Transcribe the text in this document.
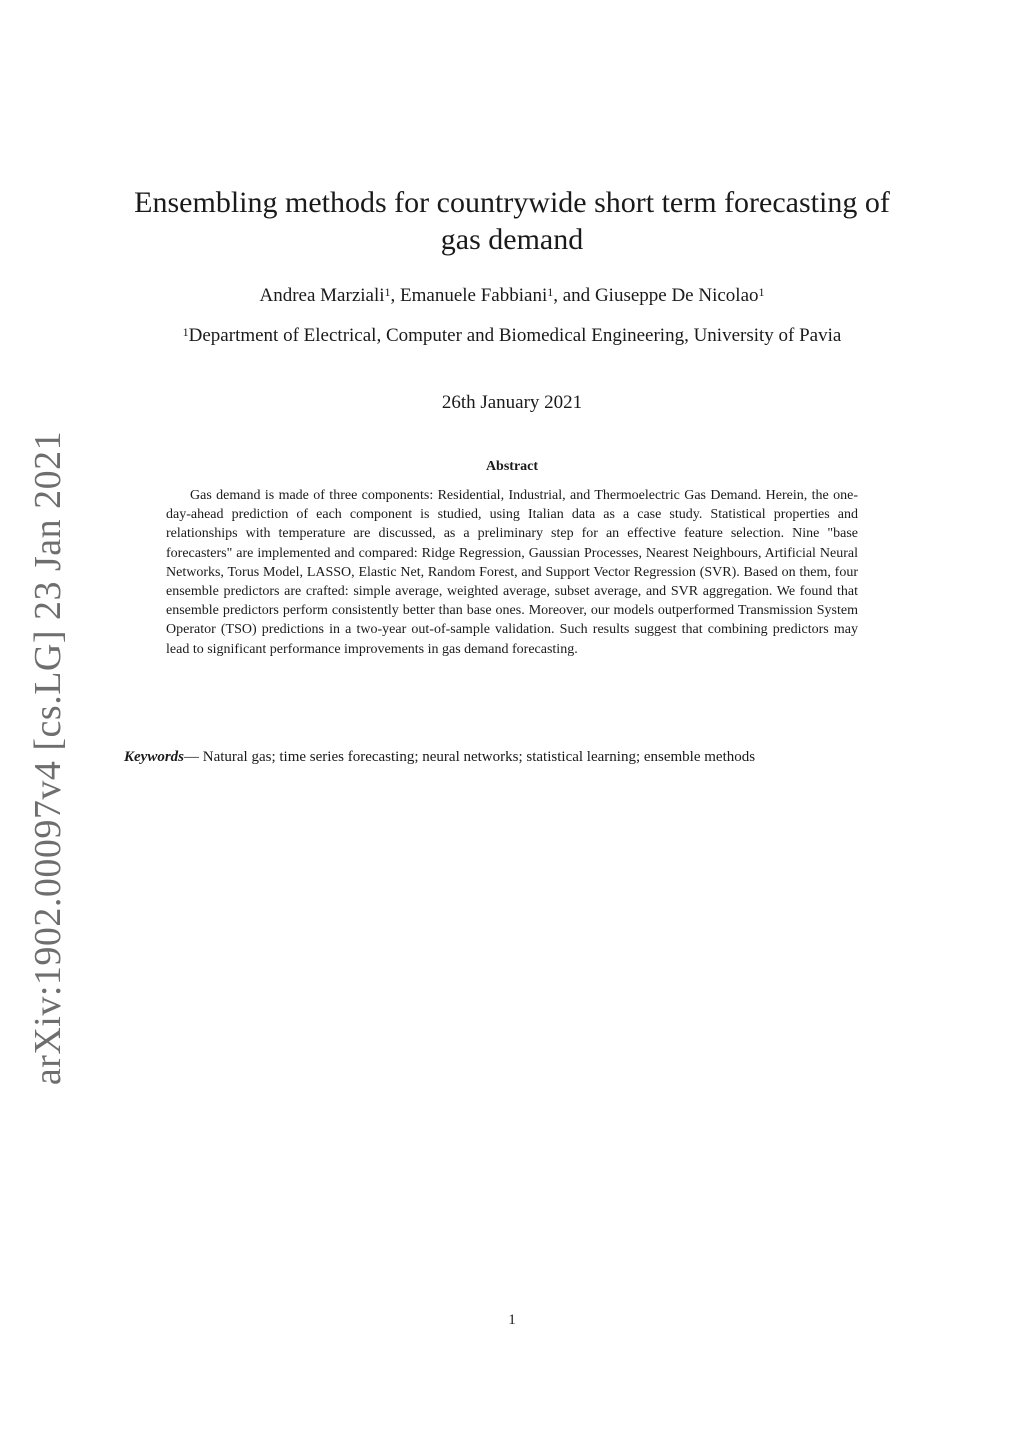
arXiv:1902.00097v4 [cs.LG] 23 Jan 2021
Ensembling methods for countrywide short term forecasting of gas demand
Andrea Marziali$^1$, Emanuele Fabbiani$^1$, and Giuseppe De Nicolao$^1$
$^1$Department of Electrical, Computer and Biomedical Engineering, University of Pavia
26th January 2021
Abstract

Gas demand is made of three components: Residential, Industrial, and Thermoelectric Gas Demand. Herein, the one-day-ahead prediction of each component is studied, using Italian data as a case study. Statistical properties and relationships with temperature are discussed, as a preliminary step for an effective feature selection. Nine "base forecasters" are implemented and compared: Ridge Regression, Gaussian Processes, Nearest Neighbours, Artificial Neural Networks, Torus Model, LASSO, Elastic Net, Random Forest, and Support Vector Regression (SVR). Based on them, four ensemble predictors are crafted: simple average, weighted average, subset average, and SVR aggregation. We found that ensemble predictors perform consistently better than base ones. Moreover, our models outperformed Transmission System Operator (TSO) predictions in a two-year out-of-sample validation. Such results suggest that combining predictors may lead to significant performance improvements in gas demand forecasting.

Keywords— Natural gas; time series forecasting; neural networks; statistical learning; ensemble methods

1
